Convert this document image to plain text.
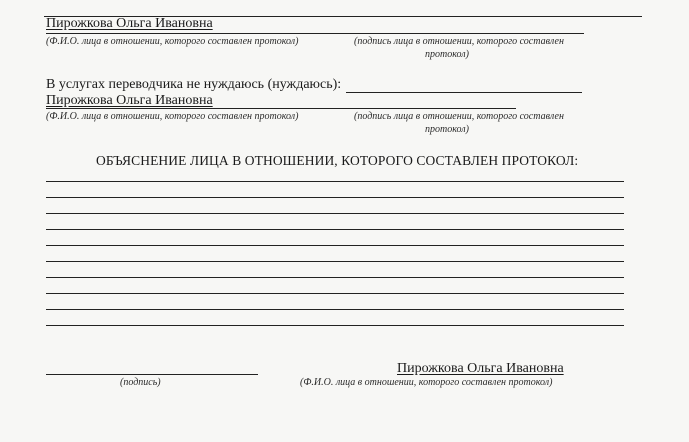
Пирожкова Ольга Ивановна
(Ф.И.О. лица в отношении, которого составлен протокол)	(подпись лица в отношении, которого составлен
протокол)
В услугах переводчика не нуждаюсь (нуждаюсь):
Пирожкова Ольга Ивановна
(Ф.И.О. лица в отношении, которого составлен протокол)	(подпись лица в отношении, которого составлен
протокол)
ОБЪЯСНЕНИЕ ЛИЦА В ОТНОШЕНИИ, КОТОРОГО СОСТАВЛЕН ПРОТОКОЛ:
(подпись)
Пирожкова Ольга Ивановна
(Ф.И.О. лица в отношении, которого составлен протокол)
